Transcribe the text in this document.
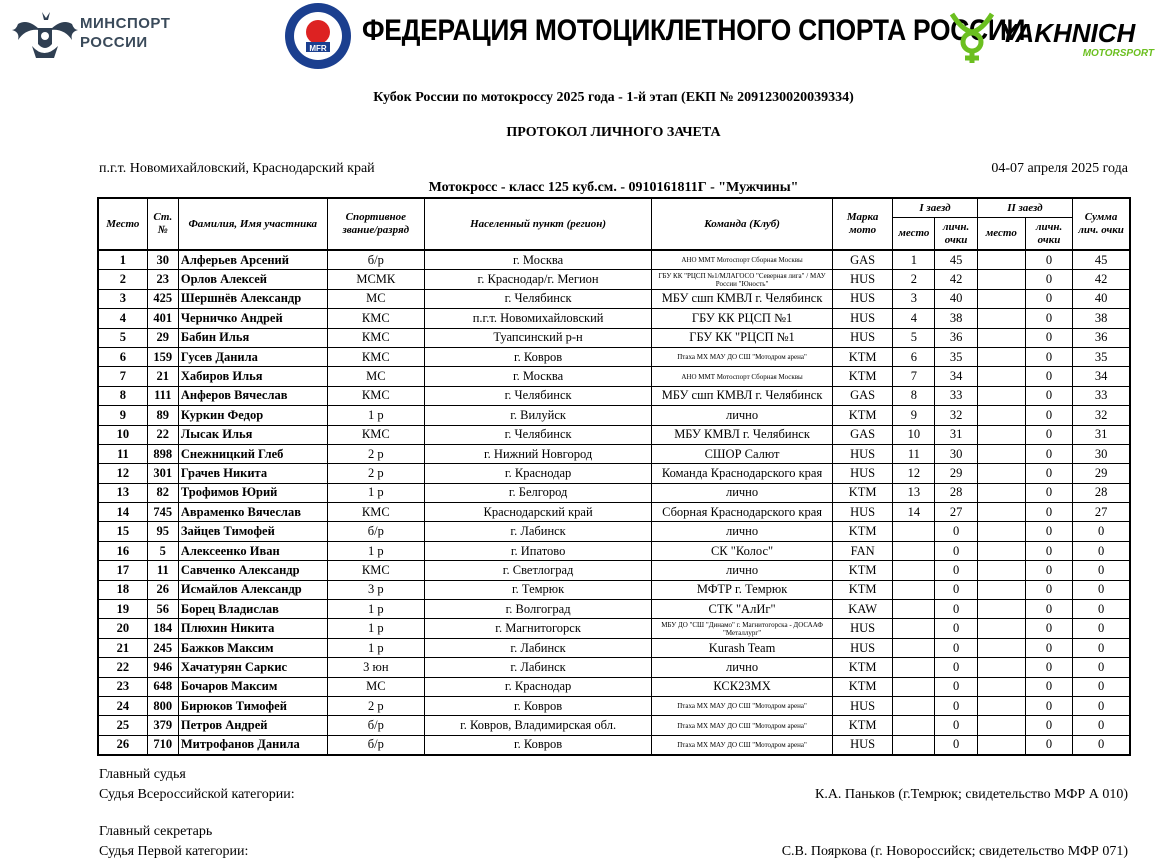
МИНСПОРТ
РОССИИ	MFR
ФЕДЕРАЦИЯ МОТОЦИКЛЕТНОГО СПОРТА РОССИИ
YAKHNICH
MOTORSPORT
Кубок России по мотокроссу 2025 года - 1-й этап (ЕКП № 2091230020039334)
ПРОТОКОЛ ЛИЧНОГО ЗАЧЕТА
п.г.т. Новомихайловский, Краснодарский край	04-07 апреля 2025 года
Мотокросс - класс 125 куб.см. - 0910161811Г - "Мужчины"
Место	Ст. №	Фамилия, Имя участника	Спортивное звание/разряд	Населенный пункт (регион)	Команда (Клуб)	Марка мото	I заезд		II заезд		Сумма лич. очки
							место	личн. очки	место	личн. очки	
1	30	Алферьев Арсений	б/р	г. Москва	АНО ММТ Мотоспорт Сборная Москвы	GAS	1	45		0	45
2	23	Орлов Алексей	МСМК	г. Краснодар/г. Мегион	ГБУ КК "РЦСП №1/МЛАГОСО "Северная лига" / МАУ России "Юность"	HUS	2	42		0	42
3	425	Шершнёв Александр	МС	г. Челябинск	МБУ сшп КМВЛ г. Челябинск	HUS	3	40		0	40
4	401	Черничко Андрей	КМС	п.г.т. Новомихайловский	ГБУ КК РЦСП №1	HUS	4	38		0	38
5	29	Бабин Илья	КМС	Туапсинский р-н	ГБУ КК "РЦСП №1	HUS	5	36		0	36
6	159	Гусев Данила	КМС	г. Ковров	Птаха МХ МАУ ДО СШ "Мотодром арена"	KTM	6	35		0	35
7	21	Хабиров Илья	МС	г. Москва	АНО ММТ Мотоспорт Сборная Москвы	KTM	7	34		0	34
8	111	Анферов Вячеслав	КМС	г. Челябинск	МБУ сшп КМВЛ г. Челябинск	GAS	8	33		0	33
9	89	Куркин Федор	1 р	г. Вилуйск	лично	KTM	9	32		0	32
10	22	Лысак Илья	КМС	г. Челябинск	МБУ КМВЛ г. Челябинск	GAS	10	31		0	31
11	898	Снежницкий Глеб	2 р	г. Нижний Новгород	СШОР Салют	HUS	11	30		0	30
12	301	Грачев Никита	2 р	г. Краснодар	Команда Краснодарского края	HUS	12	29		0	29
13	82	Трофимов Юрий	1 р	г. Белгород	лично	KTM	13	28		0	28
14	745	Авраменко Вячеслав	КМС	Краснодарский край	Сборная Краснодарского края	HUS	14	27		0	27
15	95	Зайцев Тимофей	б/р	г. Лабинск	лично	KTM		0		0	0
16	5	Алексеенко Иван	1 р	г. Ипатово	СК "Колос"	FAN		0		0	0
17	11	Савченко Александр	КМС	г. Светлоград	лично	KTM		0		0	0
18	26	Исмайлов Александр	3 р	г. Темрюк	МФТР г. Темрюк	KTM		0		0	0
19	56	Борец Владислав	1 р	г. Волгоград	СТК "АлИг"	KAW		0		0	0
20	184	Плюхин Никита	1 р	г. Магнитогорск	МБУ ДО "СШ "Динамо" г. Магнитогорска - ДОСААФ "Металлург"	HUS		0		0	0
21	245	Бажков Максим	1 р	г. Лабинск	Kurash Team	HUS		0		0	0
22	946	Хачатурян Саркис	3 юн	г. Лабинск	лично	KTM		0		0	0
23	648	Бочаров Максим	МС	г. Краснодар	КСК23МХ	KTM		0		0	0
24	800	Бирюков Тимофей	2 р	г. Ковров	Птаха МХ МАУ ДО СШ "Мотодром арена"	HUS		0		0	0
25	379	Петров Андрей	б/р	г. Ковров, Владимирская обл.	Птаха МХ МАУ ДО СШ "Мотодром арена"	KTM		0		0	0
26	710	Митрофанов Данила	б/р	г. Ковров	Птаха МХ МАУ ДО СШ "Мотодром арена"	HUS		0		0	0
Главный судья
Судья Всероссийской категории:	К.А. Паньков (г.Темрюк; свидетельство МФР А 010)
Главный секретарь
Судья Первой категории:	С.В. Пояркова (г. Новороссийск; свидетельство МФР 071)
